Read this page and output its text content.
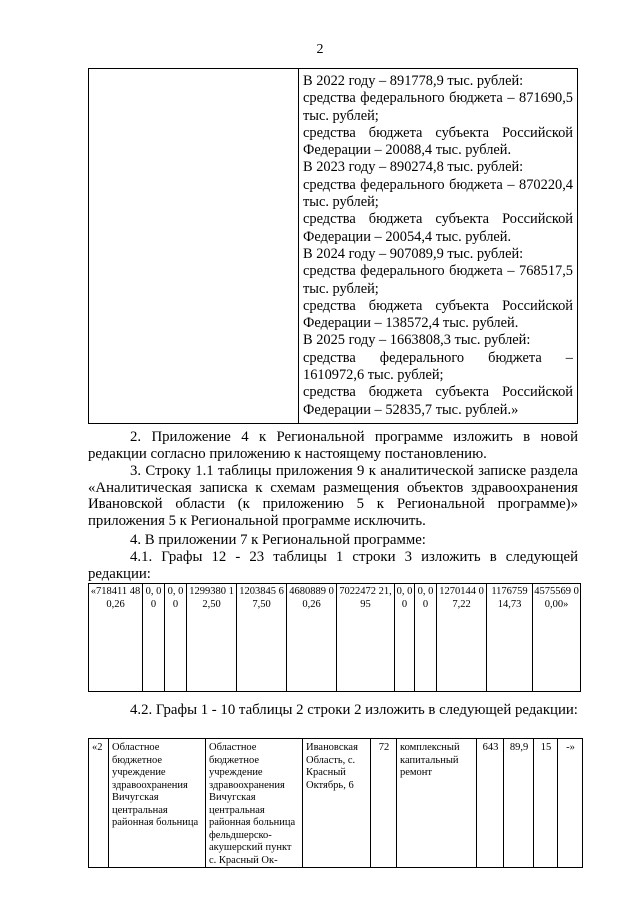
2

В 2022 году – 891778,9 тыс. рублей:
средства федерального бюджета – 871690,5 тыс. рублей;
средства бюджета субъекта Российской Федерации – 20088,4 тыс. рублей.
В 2023 году – 890274,8 тыс. рублей:
средства федерального бюджета – 870220,4 тыс. рублей;
средства бюджета субъекта Российской Федерации – 20054,4 тыс. рублей.
В 2024 году – 907089,9 тыс. рублей:
средства федерального бюджета – 768517,5 тыс. рублей;
средства бюджета субъекта Российской Федерации – 138572,4 тыс. рублей.
В 2025 году – 1663808,3 тыс. рублей:
средства федерального бюджета – 1610972,6 тыс. рублей;
средства бюджета субъекта Российской Федерации – 52835,7 тыс. рублей.»

2. Приложение 4 к Региональной программе изложить в новой редакции согласно приложению к настоящему постановлению.

3. Строку 1.1 таблицы приложения 9 к аналитической записке раздела «Аналитическая записка к схемам размещения объектов здравоохранения Ивановской области (к приложению 5 к Региональной программе)» приложения 5 к Региональной программе исключить.

4. В приложении 7 к Региональной программе:

4.1. Графы 12 - 23 таблицы 1 строки 3 изложить в следующей редакции:

«718411 480,26	0, 00	0, 00	1299380 12,50	1203845 67,50	4680889 00,26	7022472 21,95	0, 00	0, 00	1270144 07,22	1176759 14,73	4575569 00,00»

4.2. Графы 1 - 10 таблицы 2 строки 2 изложить в следующей редакции:

«2	Областное бюджетное учреждение здравоохранения Вичугская центральная районная больница	Областное бюджетное учреждение здравоохранения Вичугская центральная районная больница фельдшерско-акушерский пункт с. Красный Ок-	Ивановская Область, с. Красный Октябрь, 6	72	комплексный капитальный ремонт	643	89,9	15	-»
